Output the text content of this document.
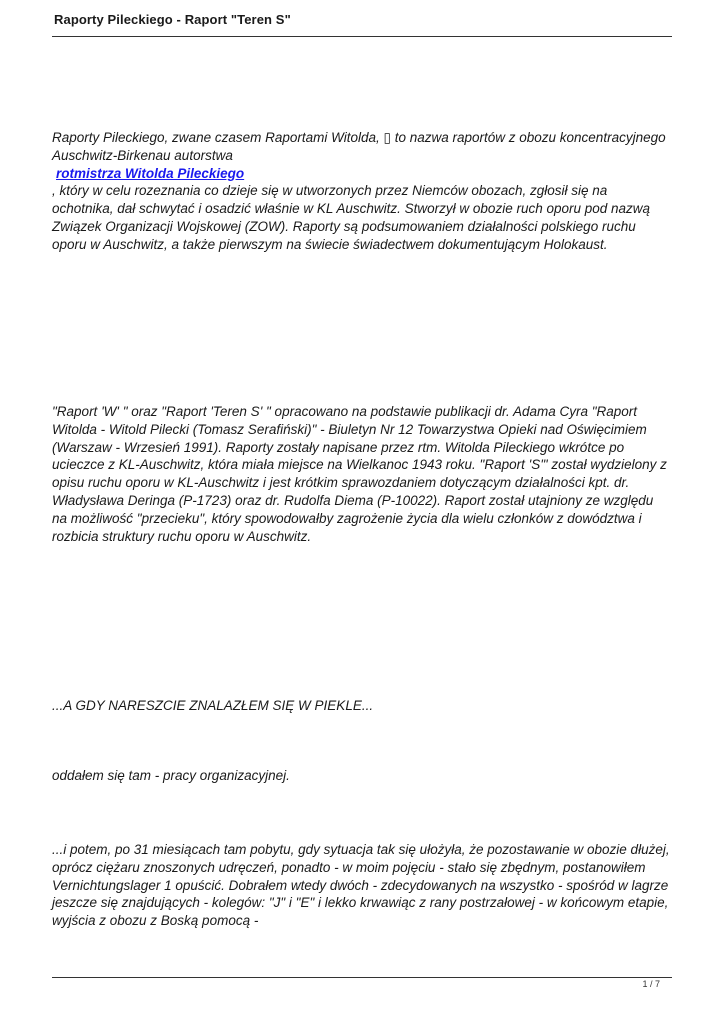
Raporty Pileckiego - Raport "Teren S"
Raporty Pileckiego, zwane czasem Raportami Witolda, ▯ to nazwa raportów z obozu koncentracyjnego Auschwitz-Birkenau autorstwa
rotmistrza Witolda Pileckiego
, który w celu rozeznania co dzieje się w utworzonych przez Niemców obozach, zgłosił się na ochotnika, dał schwytać i osadzić właśnie w KL Auschwitz. Stworzył w obozie ruch oporu pod nazwą Związek Organizacji Wojskowej (ZOW). Raporty są podsumowaniem działalności polskiego ruchu oporu w Auschwitz, a także pierwszym na świecie świadectwem dokumentującym Holokaust.

"Raport 'W' " oraz "Raport 'Teren S' " opracowano na podstawie publikacji dr. Adama Cyra "Raport Witolda - Witold Pilecki (Tomasz Serafiński)" - Biuletyn Nr 12 Towarzystwa Opieki nad Oświęcimiem (Warszaw - Wrzesień 1991). Raporty zostały napisane przez rtm. Witolda Pileckiego wkrótce po ucieczce z KL-Auschwitz, która miała miejsce na Wielkanoc 1943 roku. "Raport 'S'" został wydzielony z opisu ruchu oporu w KL-Auschwitz i jest krótkim sprawozdaniem dotyczącym działalności kpt. dr. Władysława Deringa (P-1723) oraz dr. Rudolfa Diema (P-10022). Raport został utajniony ze względu na możliwość "przecieku", który spowodowałby zagrożenie życia dla wielu członków z dowództwa i rozbicia struktury ruchu oporu w Auschwitz.

...A GDY NARESZCIE ZNALAZŁEM SIĘ W PIEKLE...

oddałem się tam - pracy organizacyjnej.

...i potem, po 31 miesiącach tam pobytu, gdy sytuacja tak się ułożyła, że pozostawanie w obozie dłużej, oprócz ciężaru znoszonych udręczeń, ponadto - w moim pojęciu - stało się zbędnym, postanowiłem Vernichtungslager 1 opuścić. Dobrałem wtedy dwóch - zdecydowanych na wszystko - spośród w lagrze jeszcze się znajdujących - kolegów: "J" i "E" i lekko krwawiąc z rany postrzałowej - w końcowym etapie, wyjścia z obozu z Boską pomocą -

1 / 7
